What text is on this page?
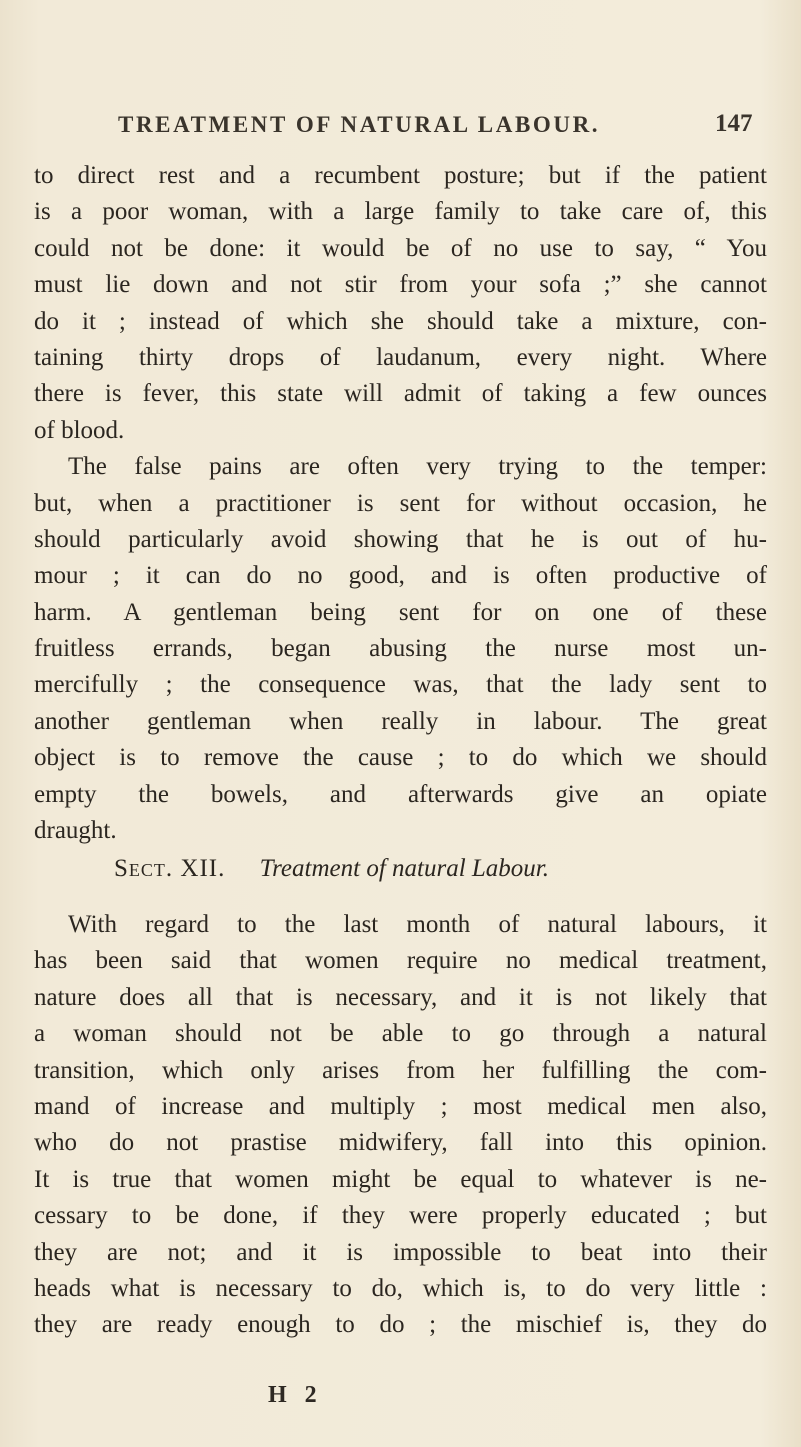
TREATMENT OF NATURAL LABOUR.	147
to direct rest and a recumbent posture; but if the patient
is a poor woman, with a large family to take care of, this
could not be done: it would be of no use to say, “ You
must lie down and not stir from your sofa ;” she cannot
do it ; instead of which she should take a mixture, con-
taining thirty drops of laudanum, every night. Where
there is fever, this state will admit of taking a few ounces
of blood.
The false pains are often very trying to the temper:
but, when a practitioner is sent for without occasion, he
should particularly avoid showing that he is out of hu-
mour ; it can do no good, and is often productive of
harm. A gentleman being sent for on one of these
fruitless errands, began abusing the nurse most un-
mercifully ; the consequence was, that the lady sent to
another gentleman when really in labour. The great
object is to remove the cause ; to do which we should
empty the bowels, and afterwards give an opiate
draught.
Sect. XII. Treatment of natural Labour.
With regard to the last month of natural labours, it
has been said that women require no medical treatment,
nature does all that is necessary, and it is not likely that
a woman should not be able to go through a natural
transition, which only arises from her fulfilling the com-
mand of increase and multiply ; most medical men also,
who do not prastise midwifery, fall into this opinion.
It is true that women might be equal to whatever is ne-
cessary to be done, if they were properly educated ; but
they are not; and it is impossible to beat into their
heads what is necessary to do, which is, to do very little :
they are ready enough to do ; the mischief is, they do
H 2
